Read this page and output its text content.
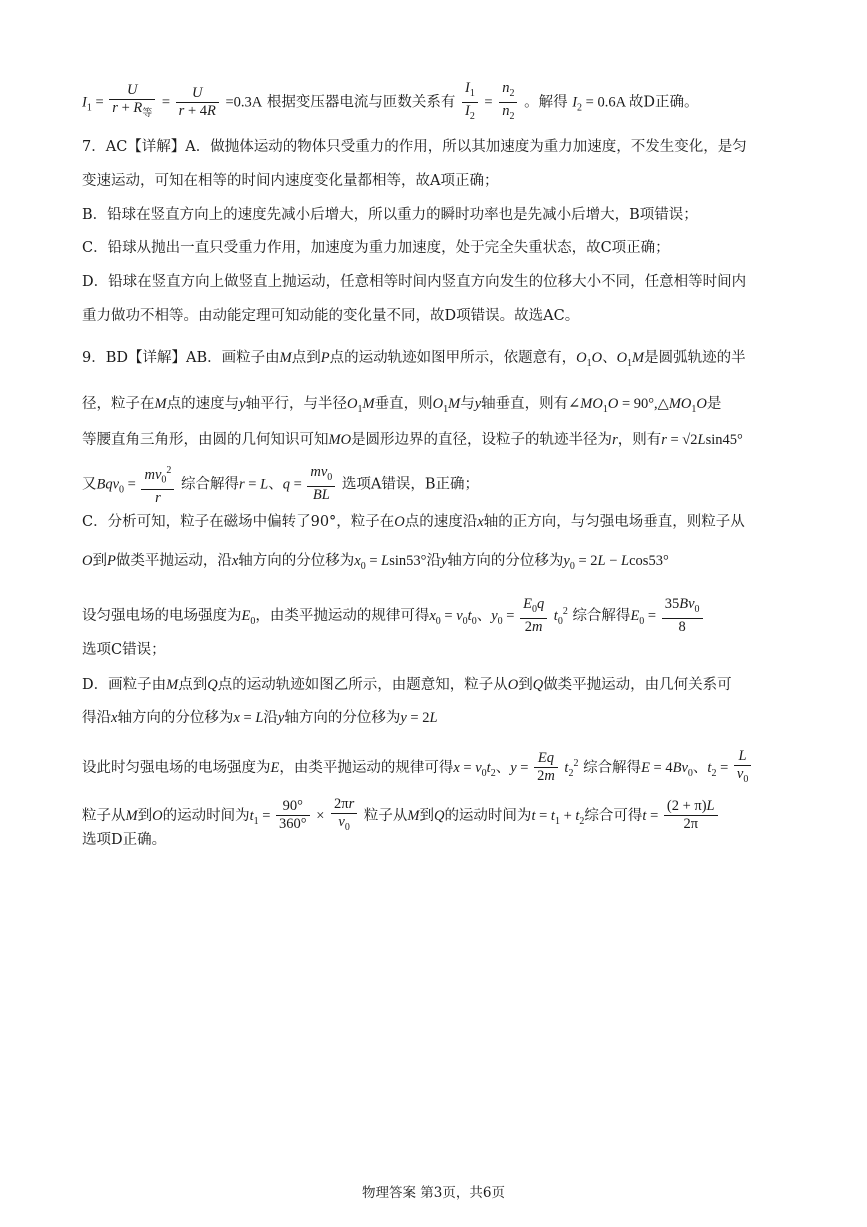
$I_1 = \frac{U}{r + R_等} = \frac{U}{r + 4R} =0.3A$ 根据变压器电流与匝数关系有 $\frac{I_1}{I_2} = \frac{n_2}{n_2}$ 。解得 $I_2 = 0.6A$ 故D正确。
7．AC【详解】A．做抛体运动的物体只受重力的作用，所以其加速度为重力加速度，不发生变化，是匀
变速运动，可知在相等的时间内速度变化量都相等，故A项正确；
B．铅球在竖直方向上的速度先减小后增大，所以重力的瞬时功率也是先减小后增大，B项错误；
C．铅球从抛出一直只受重力作用，加速度为重力加速度，处于完全失重状态，故C项正确；
D．铅球在竖直方向上做竖直上抛运动，任意相等时间内竖直方向发生的位移大小不同，任意相等时间内
重力做功不相等。由动能定理可知动能的变化量不同，故D项错误。故选AC。
9．BD【详解】AB．画粒子由M点到P点的运动轨迹如图甲所示，依题意有，$O_1O$、$O_1M$是圆弧轨迹的半
径，粒子在M点的速度与y轴平行，与半径$O_1M$垂直，则$O_1M$与y轴垂直，则有$\angle MO_1O$ = $90^\circ,\triangle MO_1O$是
等腰直角三角形，由圆的几何知识可知MO是圆形边界的直径，设粒子的轨迹半径为r，则有r = √2Lsin45°
又$Bqv_0 = \frac{mv_0^2}{r}$ 综合解得r = L、$q = \frac{mv_0}{BL}$ 选项A错误，B正确；
C．分析可知，粒子在磁场中偏转了90°，粒子在O点的速度沿x轴的正方向，与匀强电场垂直，则粒子从
O到P做类平抛运动，沿x轴方向的分位移为$x_0 = Lsin53^\circ$沿y轴方向的分位移为$y_0 = 2L - Lcos53^\circ$
设匀强电场的电场强度为$E_0$，由类平抛运动的规律可得$x_0 = v_0t_0$、$y_0 = \frac{E_0q}{2m} t_0^2$ 综合解得$E_0 = \frac{35Bv_0}{8}$
选项C错误；
D．画粒子由M点到Q点的运动轨迹如图乙所示，由题意知，粒子从O到Q做类平抛运动，由几何关系可
得沿x轴方向的分位移为x = L沿y轴方向的分位移为y = 2L
设此时匀强电场的电场强度为E，由类平抛运动的规律可得$x = v_0t_2$、$y = \frac{Eq}{2m} t_2^2$ 综合解得$E = 4Bv_0$、$t_2 = \frac{L}{v_0}$
粒子从M到O的运动时间为$t_1 = \frac{90^\circ}{360^\circ} \times \frac{2\pi r}{v_0}$ 粒子从M到Q的运动时间为$t = t_1 + t_2$综合可得$t = \frac{(2 + \pi)L}{2\pi}$
选项D正确。
物理答案 第3页，共6页
